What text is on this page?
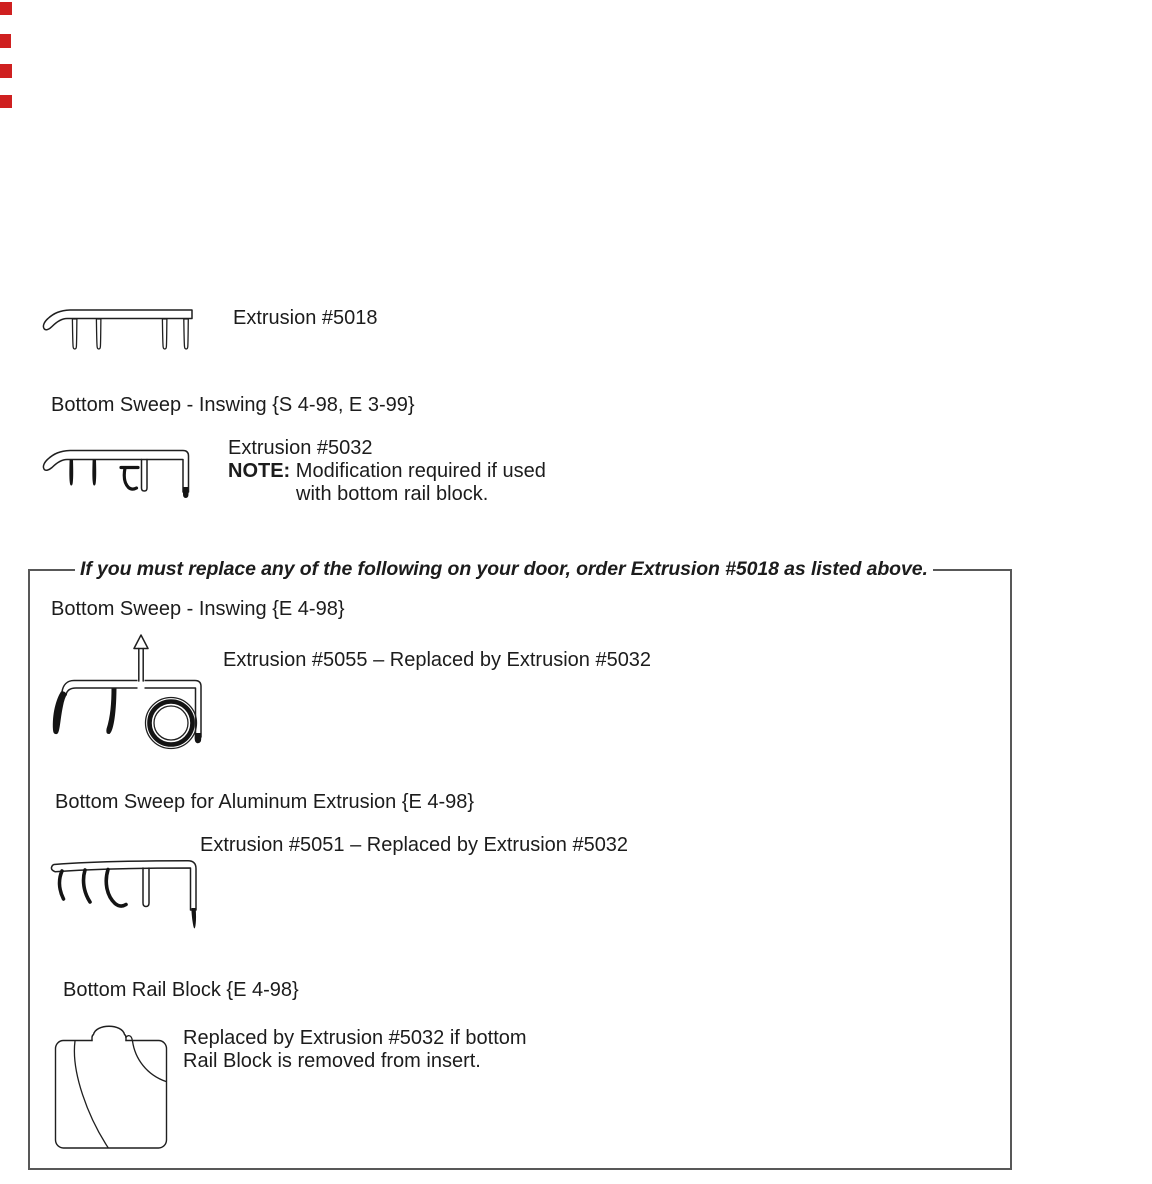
Extrusion #5018
Bottom Sweep - Inswing {S 4-98, E 3-99}
Extrusion #5032
NOTE: Modification required if used
with bottom rail block.
If you must replace any of the following on your door, order Extrusion #5018 as listed above.
Bottom Sweep - Inswing {E 4-98}
Extrusion #5055 – Replaced by Extrusion #5032
Bottom Sweep for Aluminum Extrusion {E 4-98}
Extrusion #5051 – Replaced by Extrusion #5032
Bottom Rail Block {E 4-98}
Replaced by Extrusion #5032 if bottom
Rail Block is removed from insert.
